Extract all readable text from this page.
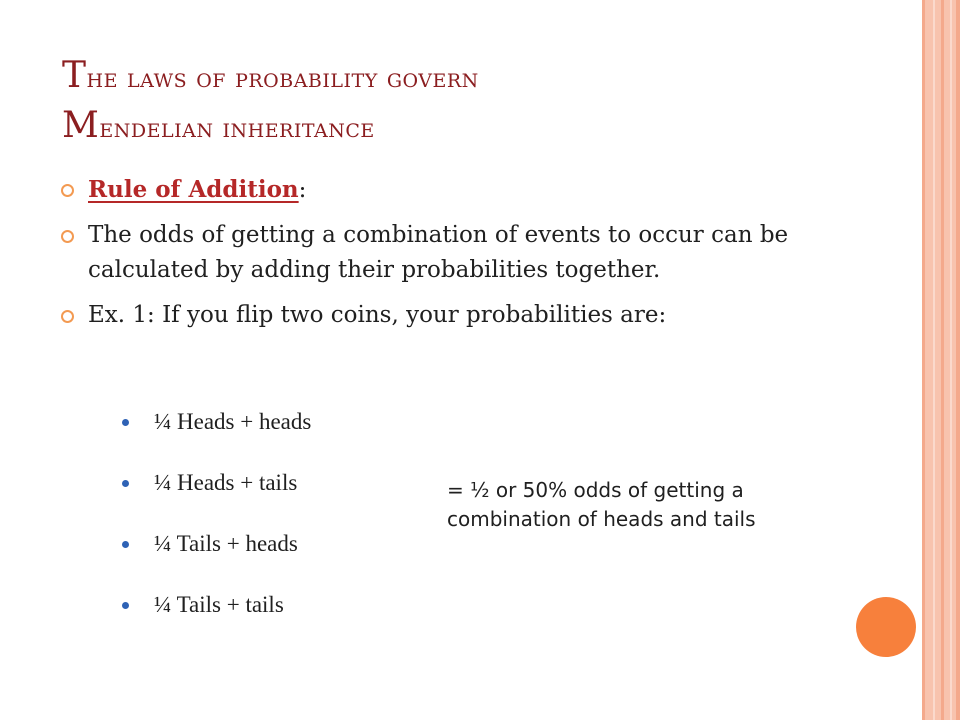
The laws of probability govern
Mendelian inheritance
Rule of Addition:
The odds of getting a combination of events to occur can be calculated by adding their probabilities together.
Ex. 1: If you flip two coins, your probabilities are:
¼ Heads + heads
¼ Heads + tails
¼ Tails + heads
¼ Tails + tails
= ½ or 50% odds of getting a combination of heads and tails
